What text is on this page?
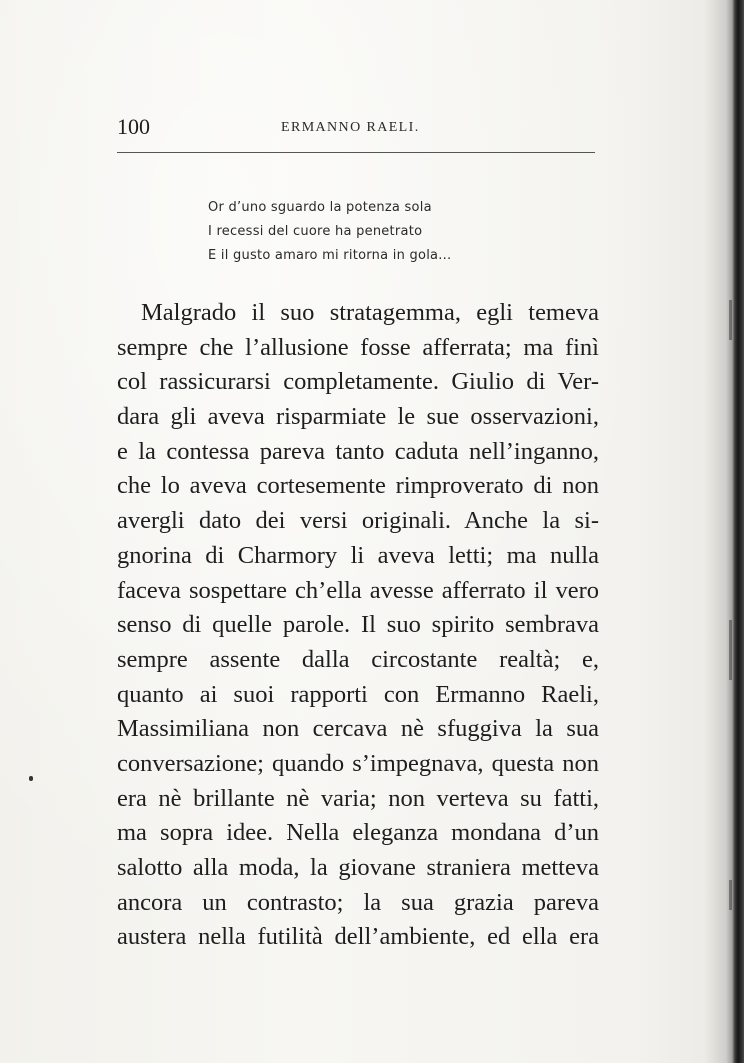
100	ERMANNO RAELI.
Or d’uno sguardo la potenza sola
I recessi del cuore ha penetrato
E il gusto amaro mi ritorna in gola...
Malgrado il suo stratagemma, egli temeva
sempre che l’allusione fosse afferrata; ma finì
col rassicurarsi completamente. Giulio di Ver-
dara gli aveva risparmiate le sue osservazioni,
e la contessa pareva tanto caduta nell’inganno,
che lo aveva cortesemente rimproverato di non
avergli dato dei versi originali. Anche la si-
gnorina di Charmory li aveva letti; ma nulla
faceva sospettare ch’ella avesse afferrato il vero
senso di quelle parole. Il suo spirito sembrava
sempre assente dalla circostante realtà; e,
quanto ai suoi rapporti con Ermanno Raeli,
Massimiliana non cercava nè sfuggiva la sua
conversazione; quando s’impegnava, questa non
era nè brillante nè varia; non verteva su fatti,
ma sopra idee. Nella eleganza mondana d’un
salotto alla moda, la giovane straniera metteva
ancora un contrasto; la sua grazia pareva
austera nella futilità dell’ambiente, ed ella era
